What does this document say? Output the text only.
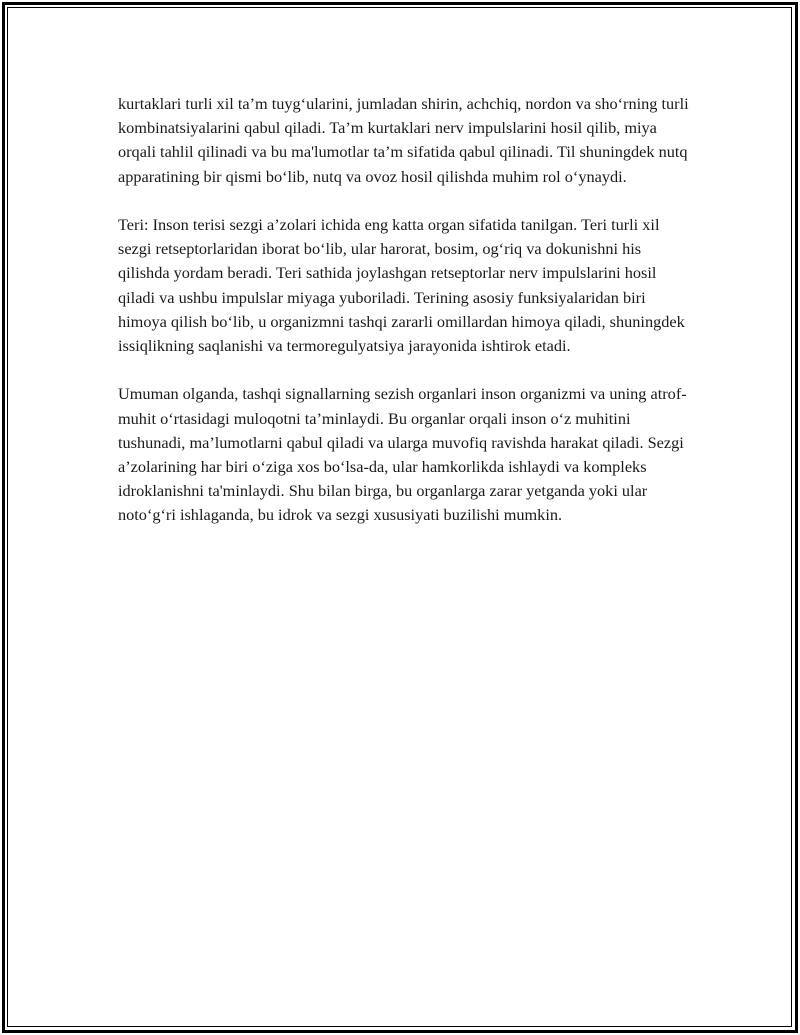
kurtaklari turli xil taʼm tuyg‘ularini, jumladan shirin, achchiq, nordon va sho‘rning turli kombinatsiyalarini qabul qiladi. Ta’m kurtaklari nerv impulslarini hosil qilib, miya orqali tahlil qilinadi va bu ma'lumotlar ta’m sifatida qabul qilinadi. Til shuningdek nutq apparatining bir qismi bo‘lib, nutq va ovoz hosil qilishda muhim rol o‘ynaydi.

Teri: Inson terisi sezgi a’zolari ichida eng katta organ sifatida tanilgan. Teri turli xil sezgi retseptorlaridan iborat bo‘lib, ular harorat, bosim, og‘riq va dokunishni his qilishda yordam beradi. Teri sathida joylashgan retseptorlar nerv impulslarini hosil qiladi va ushbu impulslar miyaga yuboriladi. Terining asosiy funksiyalaridan biri himoya qilish bo‘lib, u organizmni tashqi zararli omillardan himoya qiladi, shuningdek issiqlikning saqlanishi va termoregulyatsiya jarayonida ishtirok etadi.

Umuman olganda, tashqi signallarning sezish organlari inson organizmi va uning atrof-muhit o‘rtasidagi muloqotni ta’minlaydi. Bu organlar orqali inson o‘z muhitini tushunadi, ma’lumotlarni qabul qiladi va ularga muvofiq ravishda harakat qiladi. Sezgi a’zolarining har biri o‘ziga xos bo‘lsa-da, ular hamkorlikda ishlaydi va kompleks idroklanishni ta'minlaydi. Shu bilan birga, bu organlarga zarar yetganda yoki ular noto‘g‘ri ishlaganda, bu idrok va sezgi xususiyati buzilishi mumkin.
